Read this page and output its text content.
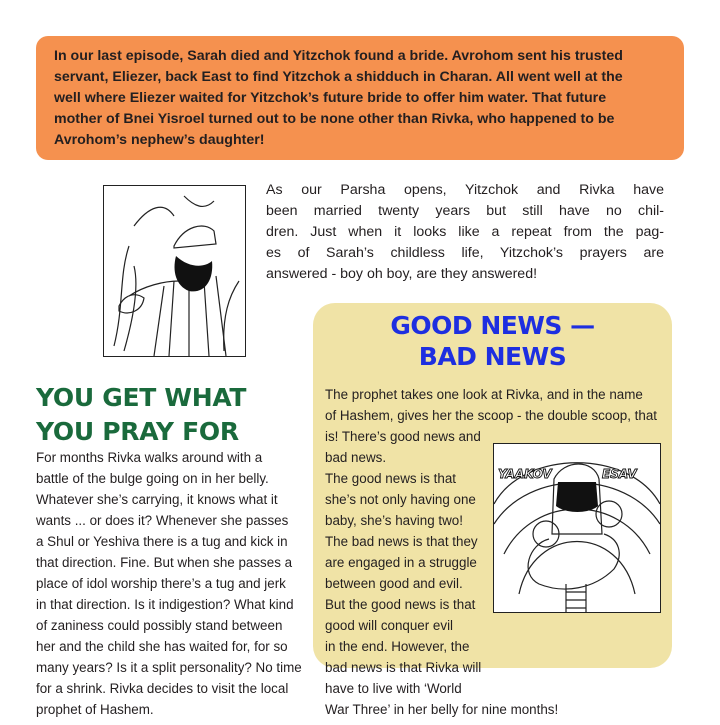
In our last episode, Sarah died and Yitzchok found a bride. Avrohom sent his trusted
servant, Eliezer, back East to find Yitzchok a shidduch in Charan. All went well at the
well where Eliezer waited for Yitzchok’s future bride to offer him water. That future
mother of Bnei Yisroel turned out to be none other than Rivka, who happened to be
Avrohom’s nephew’s daughter!
As our Parsha opens, Yitzchok and Rivka have
been married twenty years but still have no chil-
dren. Just when it looks like a repeat from the pag-
es of Sarah’s childless life, Yitzchok’s prayers are
answered - boy oh boy, are they answered!
GOOD NEWS —
BAD NEWS
YOU GET WHAT
YOU PRAY FOR
For months Rivka walks around with a
battle of the bulge going on in her belly.
Whatever she’s carrying, it knows what it
wants ... or does it? Whenever she passes
a Shul or Yeshiva there is a tug and kick in
that direction. Fine. But when she passes a
place of idol worship there’s a tug and jerk
in that direction. Is it indigestion? What kind
of zaniness could possibly stand between
her and the child she has waited for, for so
many years? Is it a split personality? No time
for a shrink. Rivka decides to visit the local
prophet of Hashem.
The prophet takes one look at Rivka, and in the name
of Hashem, gives her the scoop - the double scoop, that
is! There’s good news and
bad news.
The good news is that
she’s not only having one
baby, she’s having two!
The bad news is that they
are engaged in a struggle
between good and evil.
But the good news is that
good will conquer evil
in the end. However, the
bad news is that Rivka will
have to live with ‘World
War Three’ in her belly for nine months!
YAAKOV	ESAV
